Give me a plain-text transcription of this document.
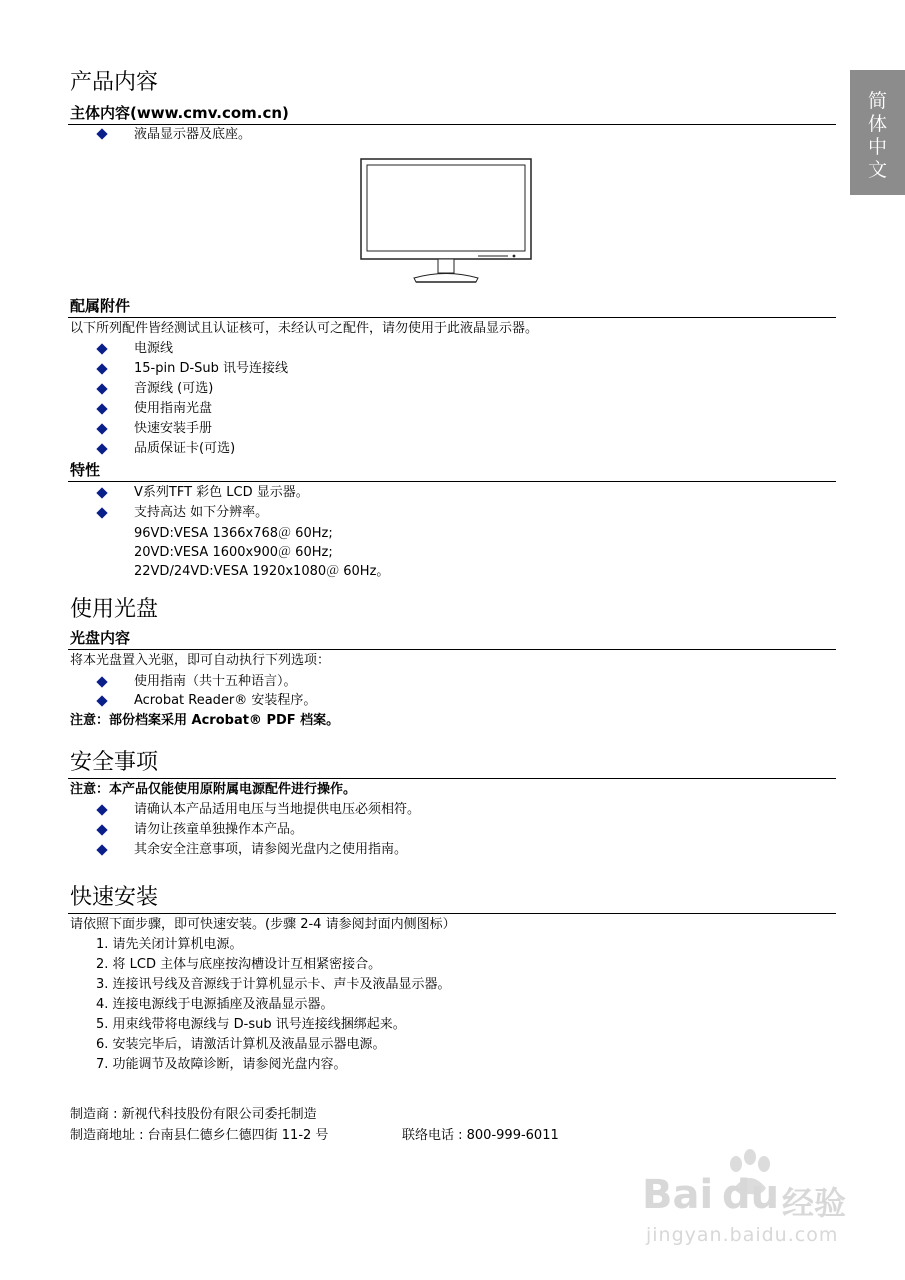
简
体
中
文
产品内容
主体内容(www.cmv.com.cn)
液晶显示器及底座。
配属附件
以下所列配件皆经测试且认证核可，未经认可之配件，请勿使用于此液晶显示器。
电源线
15-pin D-Sub 讯号连接线
音源线 (可选)
使用指南光盘
快速安装手册
品质保证卡(可选)
特性
V系列TFT 彩色 LCD 显示器。
支持高达 如下分辨率。
96VD:VESA 1366x768＠ 60Hz;
20VD:VESA 1600x900＠ 60Hz;
22VD/24VD:VESA 1920x1080＠ 60Hz。
使用光盘
光盘内容
将本光盘置入光驱，即可自动执行下列选项：
使用指南（共十五种语言）。
Acrobat Reader® 安装程序。
注意：部份档案采用 Acrobat® PDF 档案。
安全事项
注意：本产品仅能使用原附属电源配件进行操作。
请确认本产品适用电压与当地提供电压必须相符。
请勿让孩童单独操作本产品。
其余安全注意事项，请参阅光盘内之使用指南。
快速安装
请依照下面步骤，即可快速安装。(步骤 2-4 请参阅封面内侧图标）
1. 请先关闭计算机电源。
2. 将 LCD 主体与底座按沟槽设计互相紧密接合。
3. 连接讯号线及音源线于计算机显示卡、声卡及液晶显示器。
4. 连接电源线于电源插座及液晶显示器。
5. 用束线带将电源线与 D-sub 讯号连接线捆绑起来。
6. 安装完毕后，请激活计算机及液晶显示器电源。
7. 功能调节及故障诊断，请参阅光盘内容。
制造商 : 新视代科技股份有限公司委托制造
制造商地址 : 台南县仁德乡仁德四街 11-2 号	联络电话 : 800-999-6011
Bai du 经验
jingyan.baidu.com
